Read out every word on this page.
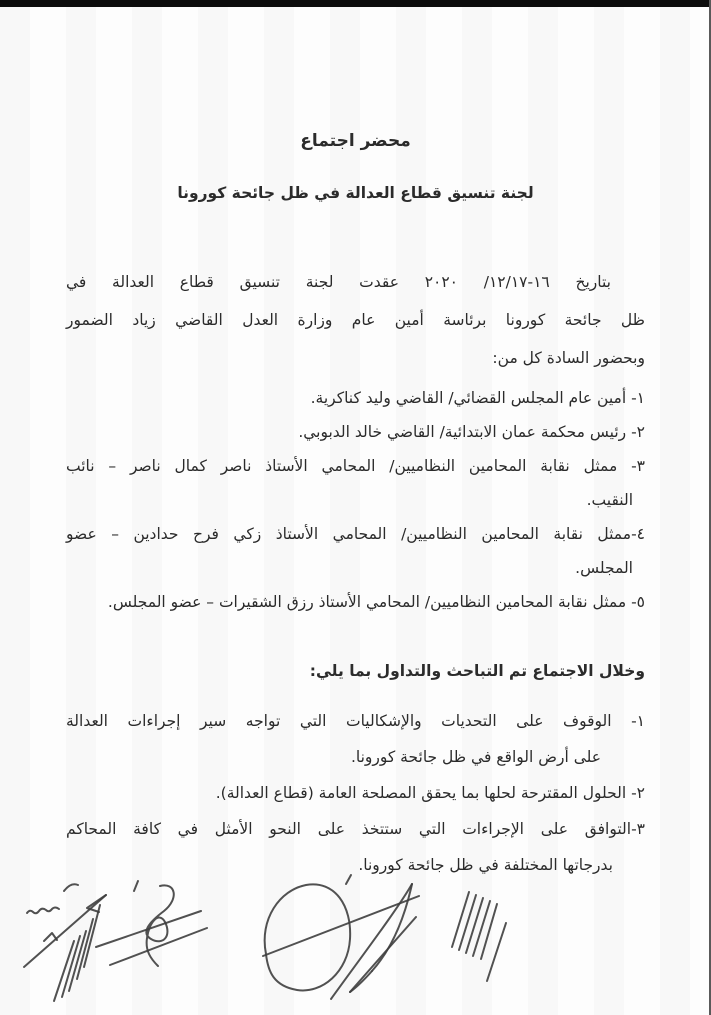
محضر اجتماع
لجنة تنسيق قطاع العدالة في ظل جائحة كورونا
بتاريخ ١٦‏-‏١٧‏/‏١٢/ ٢٠٢٠ عقدت لجنة تنسيق قطاع العدالة في
ظل جائحة كورونا برئاسة أمين عام وزارة العدل القاضي زياد الضمور
وبحضور السادة كل من:
١- أمين عام المجلس القضائي/ القاضي وليد كناكرية.
٢- رئيس محكمة عمان الابتدائية/ القاضي خالد الدبوبي.
٣- ممثل نقابة المحامين النظاميين/ المحامي الأستاذ ناصر كمال ناصر – نائب
النقيب.
٤-ممثل نقابة المحامين النظاميين/ المحامي الأستاذ زكي فرح حدادين – عضو
المجلس.
٥- ممثل نقابة المحامين النظاميين/ المحامي الأستاذ رزق الشقيرات – عضو المجلس.
وخلال الاجتماع تم التباحث والتداول بما يلي:
١- الوقوف على التحديات والإشكاليات التي تواجه سير إجراءات العدالة
على أرض الواقع في ظل جائحة كورونا.
٢- الحلول المقترحة لحلها بما يحقق المصلحة العامة (قطاع العدالة).
٣-التوافق على الإجراءات التي ستتخذ على النحو الأمثل في كافة المحاكم
بدرجاتها المختلفة في ظل جائحة كورونا.
